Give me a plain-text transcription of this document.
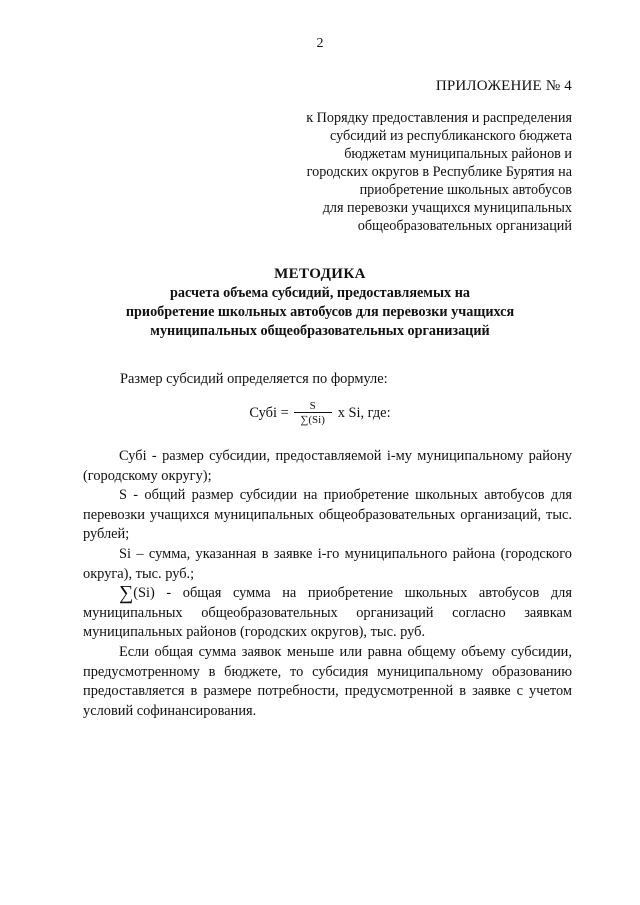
2
ПРИЛОЖЕНИЕ № 4
к Порядку предоставления и распределения
субсидий из республиканского бюджета
бюджетам муниципальных районов и
городских округов в Республике Бурятия на
приобретение школьных автобусов
для перевозки учащихся муниципальных
общеобразовательных организаций
МЕТОДИКА
расчета объема субсидий, предоставляемых на
приобретение школьных автобусов для перевозки учащихся
муниципальных общеобразовательных организаций
Размер субсидий определяется по формуле:
Субi = $\frac{S}{\sum(Si)}$ x Si, где:

Субi - размер субсидии, предоставляемой i-му муниципальному району (городскому округу);

S - общий размер субсидии на приобретение школьных автобусов для перевозки учащихся муниципальных общеобразовательных организаций, тыс. рублей;

Si – сумма, указанная в заявке i-го муниципального района (городского округа), тыс. руб.;

∑(Si) - общая сумма на приобретение школьных автобусов для муниципальных общеобразовательных организаций согласно заявкам муниципальных районов (городских округов), тыс. руб.

Если общая сумма заявок меньше или равна общему объему субсидии, предусмотренному в бюджете, то субсидия муниципальному образованию предоставляется в размере потребности, предусмотренной в заявке с учетом условий софинансирования.
